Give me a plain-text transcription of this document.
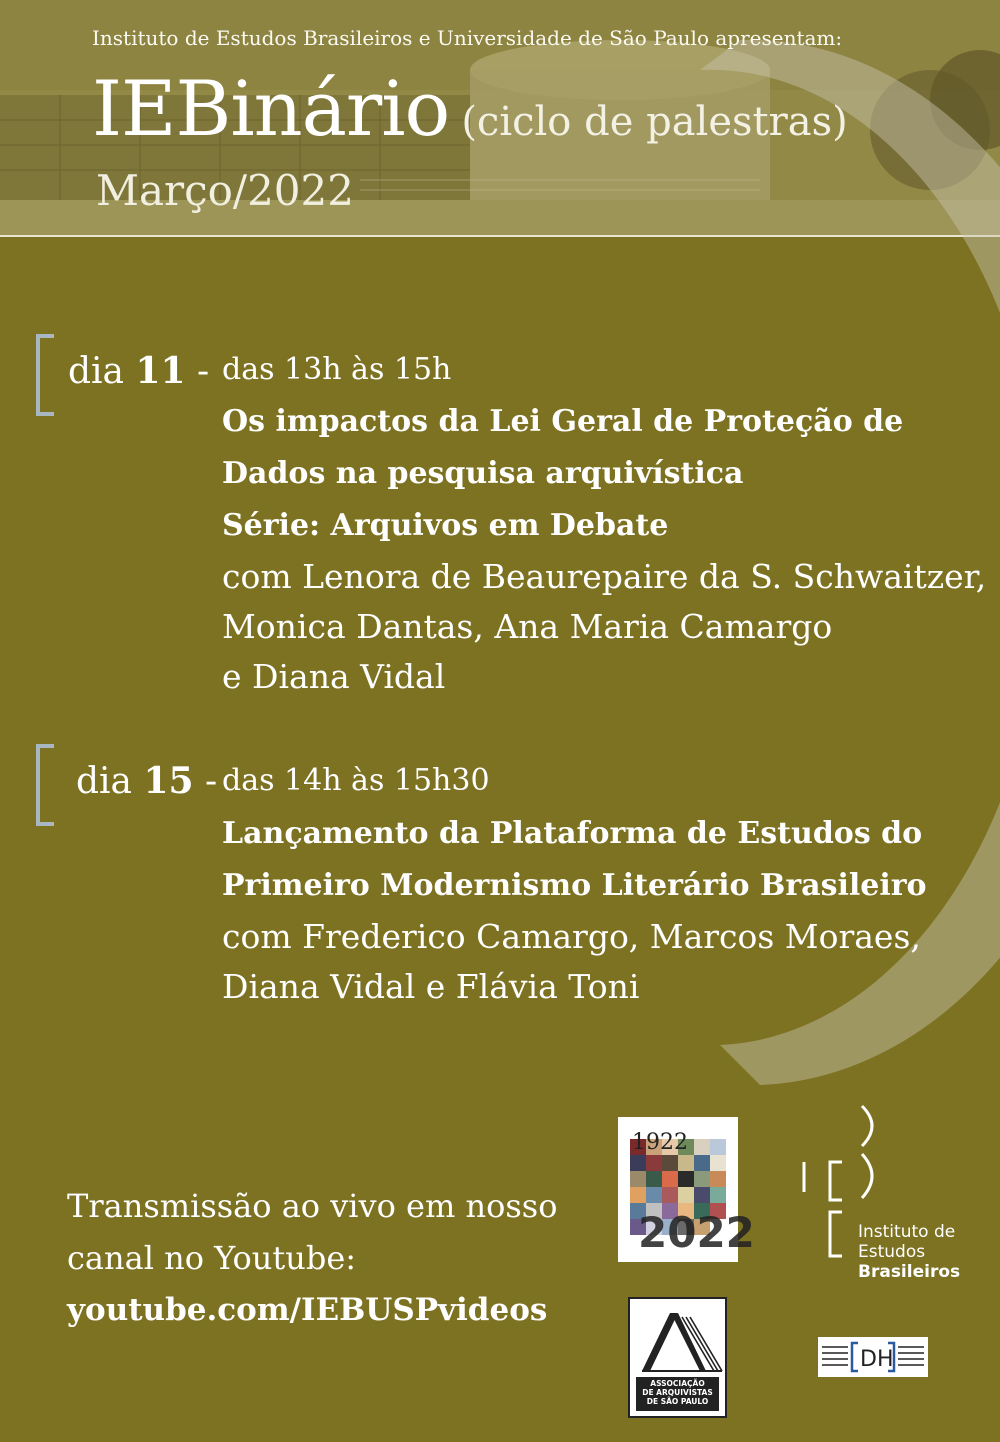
Instituto de Estudos Brasileiros e Universidade de São Paulo apresentam:
IEBinário (ciclo de palestras)
Março/2022
dia 11 - das 13h às 15h
Os impactos da Lei Geral de Proteção de
Dados na pesquisa arquivística
Série: Arquivos em Debate
com Lenora de Beaurepaire da S. Schwaitzer,
Monica Dantas, Ana Maria Camargo
e Diana Vidal
dia 15 - das 14h às 15h30
Lançamento da Plataforma de Estudos do
Primeiro Modernismo Literário Brasileiro
com Frederico Camargo, Marcos Moraes,
Diana Vidal e Flávia Toni
Transmissão ao vivo em nosso
canal no Youtube:
youtube.com/IEBUSPvideos
1922
2022
ASSOCIAÇÃO
DE ARQUIVISTAS
DE SÃO PAULO
Instituto de
Estudos
Brasileiros
DH
